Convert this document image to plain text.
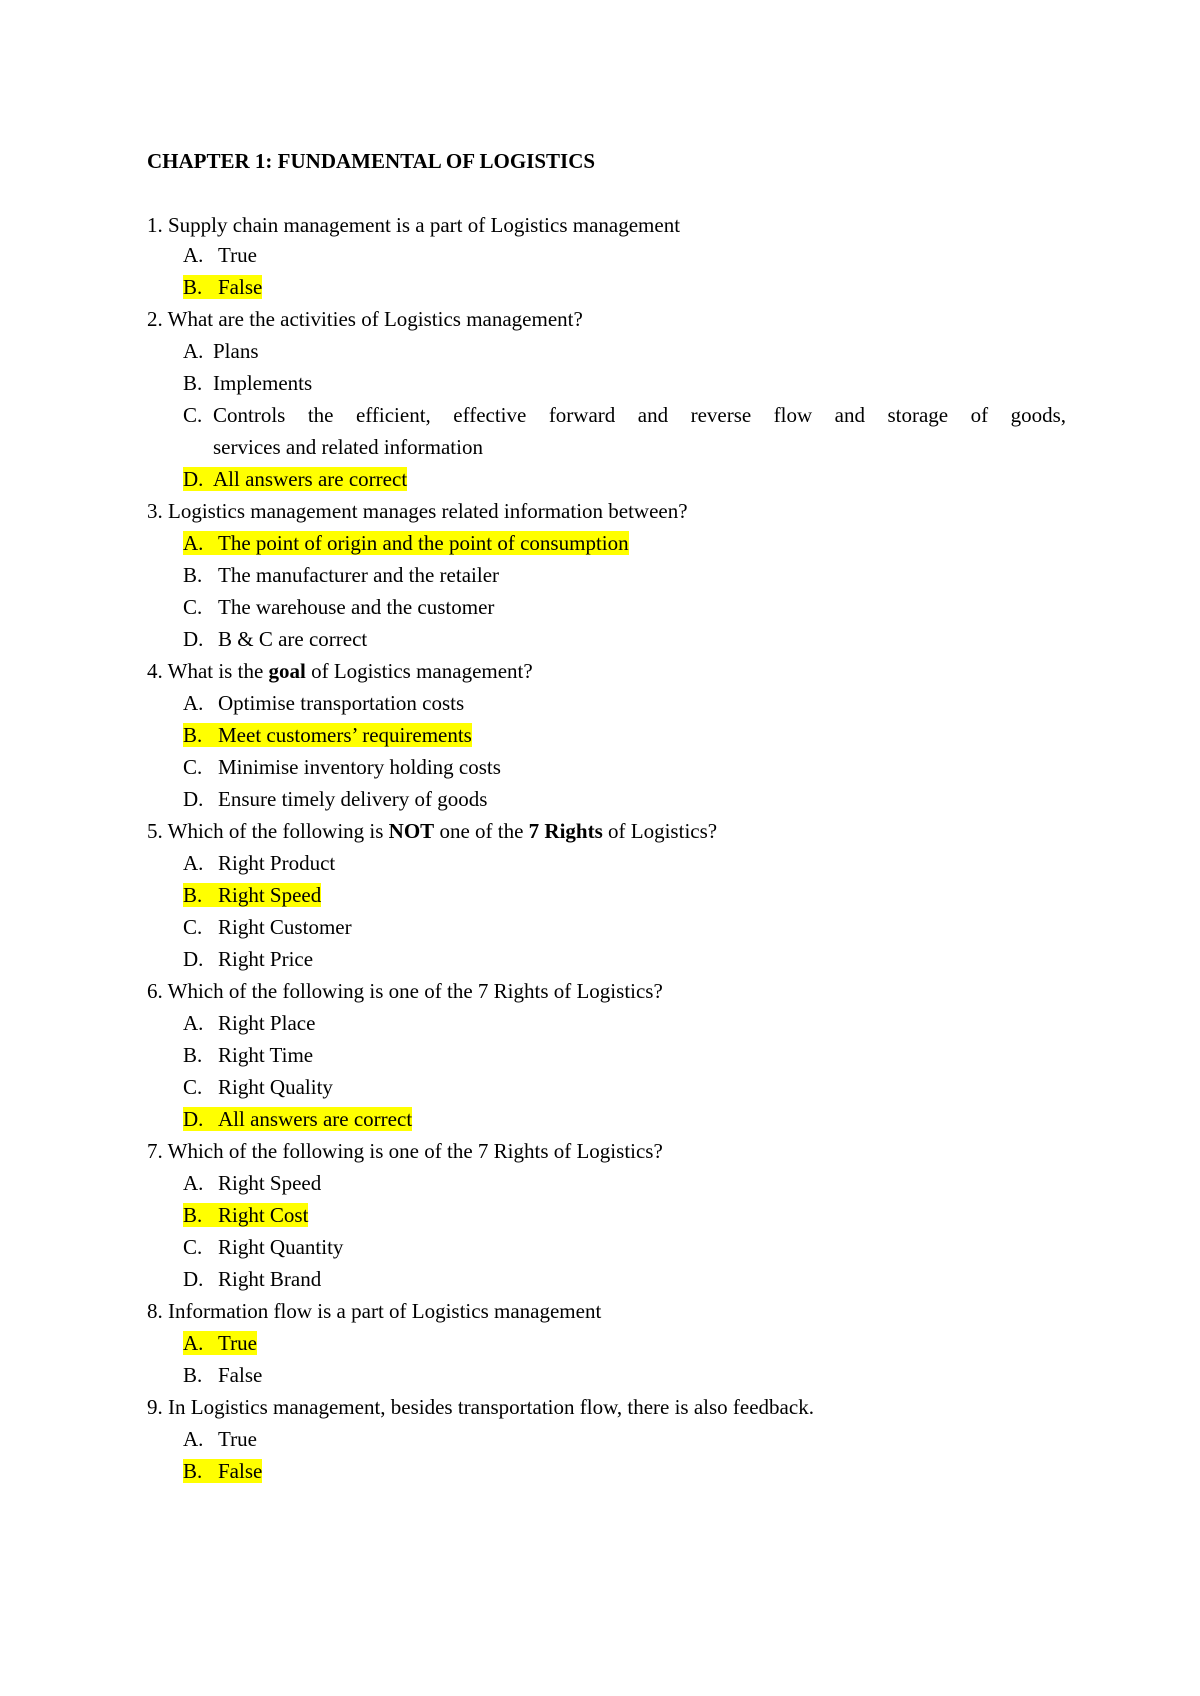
CHAPTER 1: FUNDAMENTAL OF LOGISTICS
1. Supply chain management is a part of Logistics management
A. True
B. False
2. What are the activities of Logistics management?
A. Plans
B. Implements
C. Controls the efficient, effective forward and reverse flow and storage of goods,
services and related information
D. All answers are correct
3. Logistics management manages related information between?
A. The point of origin and the point of consumption
B. The manufacturer and the retailer
C. The warehouse and the customer
D. B & C are correct
4. What is the goal of Logistics management?
A. Optimise transportation costs
B. Meet customers’ requirements
C. Minimise inventory holding costs
D. Ensure timely delivery of goods
5. Which of the following is NOT one of the 7 Rights of Logistics?
A. Right Product
B. Right Speed
C. Right Customer
D. Right Price
6. Which of the following is one of the 7 Rights of Logistics?
A. Right Place
B. Right Time
C. Right Quality
D. All answers are correct
7. Which of the following is one of the 7 Rights of Logistics?
A. Right Speed
B. Right Cost
C. Right Quantity
D. Right Brand
8. Information flow is a part of Logistics management
A. True
B. False
9. In Logistics management, besides transportation flow, there is also feedback.
A. True
B. False
